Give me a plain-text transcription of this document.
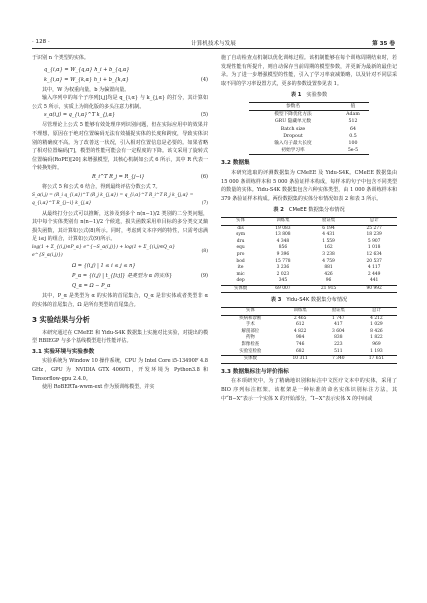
· 128 ·	计算机技术与发展	第 35 卷

于识别 n 个类型的实体。

q_{i,α} = W_{q,α} h_i + b_{q,α}
k_{i,α} = W_{k,α} h_i + b_{k,α}	(4)

其中，W 为权重向量，b 为偏置向量。

输入序列中的每个子序列[i,j]均是 q_{i,α} 与 k_{j,α} 的打分，其计算如公式 5 所示，实质上为简化版的多头注意力机制。

s_α(i,j) = q_{i,α}^T k_{j,α}	(5)

尽管理论上公式 5 能够有效处理序列识别问题，但在实际应用中的效果并不理想，原因在于绝对位置编码无法有效捕捉实体的长度和跨度，导致实体识别的精确度不高。为了改善这一状况，引入相对位置信息是必要的。如果省略了相对位置编码[7]，模型的性能可能会有一定程度的下降。该文采用了旋转式位置编码(RoPE)[20] 来增强模型，其核心机制如公式 6 所示，其中 R 代表一个转换矩阵。

R_i^T R_j = R_{j−i}	(6)

将公式 5 和公式 6 结合，得到最终评估分数公式 7。

S_α(i,j) = (R_i q_{i,α})^T (R_j k_{j,α}) = q_{i,α}^T R_i^T R_j k_{j,α} = q_{i,α}^T R_{j−i} k_{j,α}	(7)

从最终打分公式可以推断，这涉及到多个 n(n−1)/2 类别的二分类问题，其中每个实体类别有 n(n−1)/2 个候选，损失函数采用单目标的多分类交叉熵损失函数，其计算如公式(8)所示。同时，考虑到文本序列的特性，只需考虑满足 i≤j 的组合，计算如公式(9)所示。

log(1 + Σ_{(i,j)∈P_α} e^{−S_α(i,j)}) + log(1 + Σ_{(i,j)∈Q_α} e^{S_α(i,j)})
(8)
Ω = {(i,j) | 1 ≤ i ≤ j ≤ n}
P_α = {(i,j) | t_{[i:j]} 是类型为 α 的实体}	(9)
Q_α = Ω − P_α

其中，P_α 是类型为 α 的实体的首尾集合，Q_α 是非实体或者类型非 α 的实体的首尾集合，Ω 是所有类型的首尾集合。

3 实验结果与分析

本研究通过在 CMeEE 和 Yidu-S4K 数据集上实施对比实验，对提出的模型 RBIEGP 与多个基线模型进行性能评估。

3.1 实验环境与实验参数

实验系统为 Window 10 操作系统，CPU 为 Intel Core i5-13490F 4.8 GHz，GPU 为 NVIDIA GTX 4060Ti，开发环境为 Python3.8 和 Tensorflow-gpu 2.4.0。

使用 RoBERTa-wwm-ext 作为预训练模型，并实

施了自动检查点机制以优化训练过程。该机制能够在每个训练周期结束时，若发现性能有所提升，则自动保存当前周期的模型参数，并更新为最新的最佳记录。为了进一步增强模型的性能，引入了学习率衰减策略，以及针对不同层采取不同的学习率设置方式，更多的参数设置参见表 1。

表 1 实验参数
参数名	值
模型下降优化方法	Adam
GRU 隐藏单元数	512
Batch size	64
Dropout	0.5
输入句子最大长度	100
初始学习率	5e-5
3.2 数据集

本研究选取的评测数据集为 CMeEE 及 Yidu-S4K。CMeEE 数据集由 15 000 条训练样本和 5 000 条验证样本构成，每样本的句子中包含不同类型的数量的实体。Yidu-S4K 数据集包含六种实体类型，由 1 000 条训练样本和 379 条验证样本构成。两份数据集的实体分布情况如表 2 和表 3 所示。

表 2 CMeEE 数据集分布情况
实体	训练集	验证集	总计
dis	19 083	6 194	25 277
sym	13 808	4 431	18 239
dru	4 348	1 559	5 907
equ	856	162	1 018
pro	9 396	3 238	12 634
bod	15 778	4 759	20 537
ite	3 236	881	4 117
mic	2 023	426	2 449
dep	345	96	441
实体数	69 007	21 915	90 992
表 3 Yidu-S4K 数据集分布情况
实体	训练集	验证集	总计
疾病和诊断	2 465	1 747	4 212
手术	612	417	1 029
解剖部位	4 822	3 604	8 426
药物	984	838	1 822
影像检查	746	223	969
实验室检验	682	511	1 193
实体数	10 311	7 340	17 651
3.3 数据集标注与评价指标

在本项研究中，为了精确地识别和标注中文医疗文本中的实体，采用了 BIO 序列标注框架。该框架是一种标准的命名实体识别标注方法，其中“B−X”表示一个实体 X 的开始部分，“I−X”表示实体 X 的中间或
